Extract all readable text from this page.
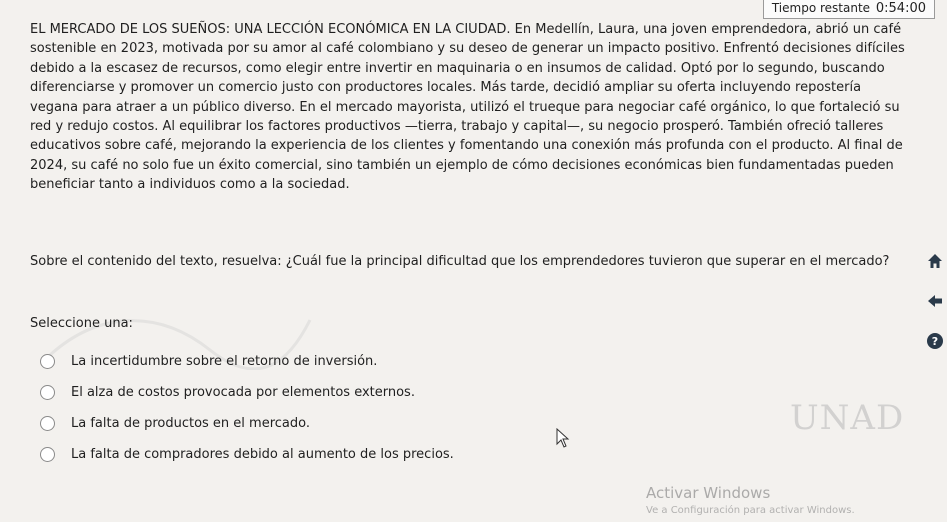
Tiempo restante 0:54:00

EL MERCADO DE LOS SUEÑOS: UNA LECCIÓN ECONÓMICA EN LA CIUDAD. En Medellín, Laura, una joven emprendedora, abrió un café sostenible en 2023, motivada por su amor al café colombiano y su deseo de generar un impacto positivo. Enfrentó decisiones difíciles debido a la escasez de recursos, como elegir entre invertir en maquinaria o en insumos de calidad. Optó por lo segundo, buscando diferenciarse y promover un comercio justo con productores locales. Más tarde, decidió ampliar su oferta incluyendo repostería vegana para atraer a un público diverso. En el mercado mayorista, utilizó el trueque para negociar café orgánico, lo que fortaleció su red y redujo costos. Al equilibrar los factores productivos —tierra, trabajo y capital—, su negocio prosperó. También ofreció talleres educativos sobre café, mejorando la experiencia de los clientes y fomentando una conexión más profunda con el producto. Al final de 2024, su café no solo fue un éxito comercial, sino también un ejemplo de cómo decisiones económicas bien fundamentadas pueden beneficiar tanto a individuos como a la sociedad.

Sobre el contenido del texto, resuelva: ¿Cuál fue la principal dificultad que los emprendedores tuvieron que superar en el mercado?

Seleccione una:

La incertidumbre sobre el retorno de inversión.
El alza de costos provocada por elementos externos.
La falta de productos en el mercado.
La falta de compradores debido al aumento de los precios.
?
UNAD
Activar Windows
Ve a Configuración para activar Windows.
